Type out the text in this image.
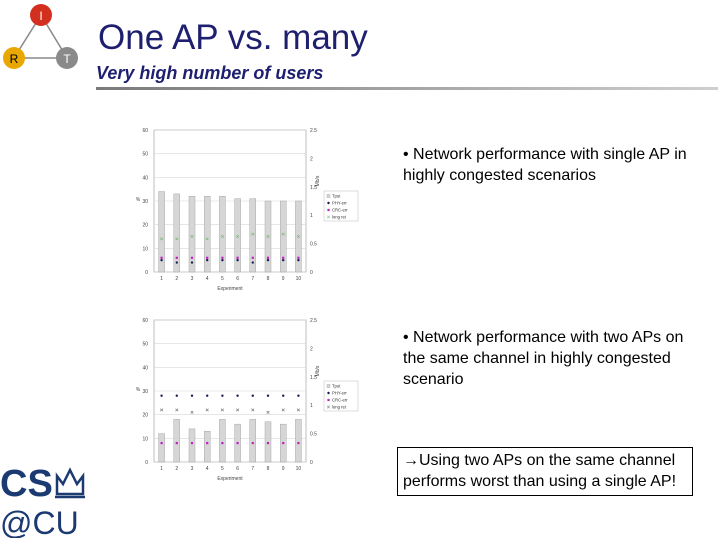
I
R	T
One AP vs. many
Very high number of users
0
10
20
30
40
50
60
0
0.5
1
1.5
2
2.5
%
Mb/s
Experiment
1 2 3 4 5 6 7 8 9 10
Tput
PHY-err
CRC-err
long ret
0
10
20
30
40
50
60
0
0.5
1
1.5
2
2.5
%
Mb/s
Experiment
1 2 3 4 5 6 7 8 9 10
Tput
PHY-err
CRC-err
long ret
• Network performance with single AP in highly congested scenarios
• Network performance with two APs on the same channel in highly congested scenario
→Using two APs on the same channel performs worst than using a single AP!
CS
@CU
